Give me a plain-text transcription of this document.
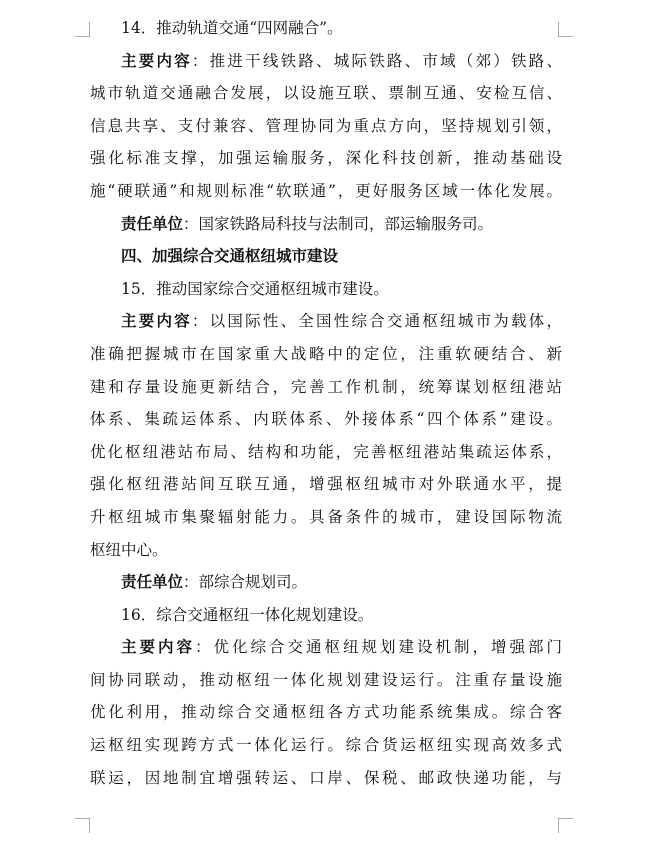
14．推动轨道交通“四网融合”。
主要内容：推进干线铁路、城际铁路、市域（郊）铁路、
城市轨道交通融合发展，以设施互联、票制互通、安检互信、
信息共享、支付兼容、管理协同为重点方向，坚持规划引领，
强化标准支撑，加强运输服务，深化科技创新，推动基础设
施“硬联通”和规则标准“软联通”，更好服务区域一体化发展。
责任单位：国家铁路局科技与法制司，部运输服务司。
四、加强综合交通枢纽城市建设
15．推动国家综合交通枢纽城市建设。
主要内容：以国际性、全国性综合交通枢纽城市为载体，
准确把握城市在国家重大战略中的定位，注重软硬结合、新
建和存量设施更新结合，完善工作机制，统筹谋划枢纽港站
体系、集疏运体系、内联体系、外接体系“四个体系”建设。
优化枢纽港站布局、结构和功能，完善枢纽港站集疏运体系，
强化枢纽港站间互联互通，增强枢纽城市对外联通水平，提
升枢纽城市集聚辐射能力。具备条件的城市，建设国际物流
枢纽中心。
责任单位：部综合规划司。
16．综合交通枢纽一体化规划建设。
主要内容：优化综合交通枢纽规划建设机制，增强部门
间协同联动，推动枢纽一体化规划建设运行。注重存量设施
优化利用，推动综合交通枢纽各方式功能系统集成。综合客
运枢纽实现跨方式一体化运行。综合货运枢纽实现高效多式
联运，因地制宜增强转运、口岸、保税、邮政快递功能，与
